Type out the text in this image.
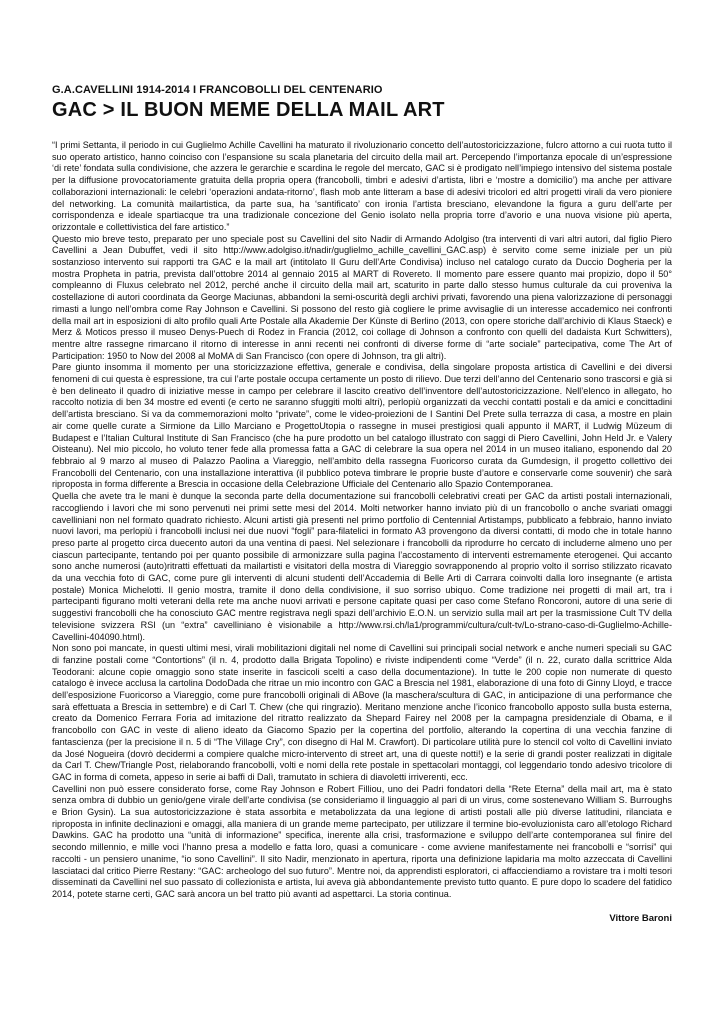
G.A.CAVELLINI 1914-2014 I FRANCOBOLLI DEL CENTENARIO
GAC > IL BUON MEME DELLA MAIL ART

“I primi Settanta, il periodo in cui Guglielmo Achille Cavellini ha maturato il rivoluzionario concetto dell’autostoricizzazione, fulcro attorno a cui ruota tutto il suo operato artistico, hanno coinciso con l’espansione su scala planetaria del circuito della mail art. Percependo l’importanza epocale di un’espressione ‘di rete’ fondata sulla condivisione, che azzera le gerarchie e scardina le regole del mercato, GAC si è prodigato nell’impiego intensivo del sistema postale per la diffusione provocatoriamente gratuita della propria opera (francobolli, timbri e adesivi d’artista, libri e ‘mostre a domicilio’) ma anche per attivare collaborazioni internazionali: le celebri ‘operazioni andata-ritorno’, flash mob ante litteram a base di adesivi tricolori ed altri progetti virali da vero pioniere del networking. La comunità mailartistica, da parte sua, ha ‘santificato’ con ironia l’artista bresciano, elevandone la figura a guru dell’arte per corrispondenza e ideale spartiacque tra una tradizionale concezione del Genio isolato nella propria torre d’avorio e una nuova visione più aperta, orizzontale e collettivistica del fare artistico.”

Questo mio breve testo, preparato per uno speciale post su Cavellini del sito Nadir di Armando Adolgiso (tra interventi di vari altri autori, dal figlio Piero Cavellini a Jean Dubuffet, vedi il sito http://www.adolgiso.it/nadir/guglielmo_achille_cavellini_GAC.asp) è servito come seme iniziale per un più sostanzioso intervento sui rapporti tra GAC e la mail art (intitolato Il Guru dell’Arte Condivisa) incluso nel catalogo curato da Duccio Dogheria per la mostra Propheta in patria, prevista dall’ottobre 2014 al gennaio 2015 al MART di Rovereto. Il momento pare essere quanto mai propizio, dopo il 50° compleanno di Fluxus celebrato nel 2012, perché anche il circuito della mail art, scaturito in parte dallo stesso humus culturale da cui proveniva la costellazione di autori coordinata da George Maciunas, abbandoni la semi-oscurità degli archivi privati, favorendo una piena valorizzazione di personaggi rimasti a lungo nell’ombra come Ray Johnson e Cavellini. Si possono del resto già cogliere le prime avvisaglie di un interesse accademico nei confronti della mail art in esposizioni di alto profilo quali Arte Postale alla Akademie Der Künste di Berlino (2013, con opere storiche dall’archivio di Klaus Staeck) e Merz & Moticos presso il museo Denys-Puech di Rodez in Francia (2012, coi collage di Johnson a confronto con quelli del dadaista Kurt Schwitters), mentre altre rassegne rimarcano il ritorno di interesse in anni recenti nei confronti di diverse forme di “arte sociale” partecipativa, come The Art of Participation: 1950 to Now del 2008 al MoMA di San Francisco (con opere di Johnson, tra gli altri).

Pare giunto insomma il momento per una storicizzazione effettiva, generale e condivisa, della singolare proposta artistica di Cavellini e dei diversi fenomeni di cui questa è espressione, tra cui l’arte postale occupa certamente un posto di rilievo. Due terzi dell’anno del Centenario sono trascorsi e già si è ben delineato il quadro di iniziative messe in campo per celebrare il lascito creativo dell’inventore dell’autostoricizzazione. Nell’elenco in allegato, ho raccolto notizia di ben 34 mostre ed eventi (e certo ne saranno sfuggiti molti altri), perlopiù organizzati da vecchi contatti postali e da amici e concittadini dell’artista bresciano. Si va da commemorazioni molto “private”, come le video-proiezioni de I Santini Del Prete sulla terrazza di casa, a mostre en plain air come quelle curate a Sirmione da Lillo Marciano e ProgettoUtopia o rassegne in musei prestigiosi quali appunto il MART, il Ludwig Müzeum di Budapest e l’Italian Cultural Institute di San Francisco (che ha pure prodotto un bel catalogo illustrato con saggi di Piero Cavellini, John Held Jr. e Valery Oisteanu). Nel mio piccolo, ho voluto tener fede alla promessa fatta a GAC di celebrare la sua opera nel 2014 in un museo italiano, esponendo dal 20 febbraio al 9 marzo al museo di Palazzo Paolina a Viareggio, nell’ambito della rassegna Fuoricorso curata da Gumdesign, il progetto collettivo dei Francobolli del Centenario, con una installazione interattiva (il pubblico poteva timbrare le proprie buste d’autore e conservarle come souvenir) che sarà riproposta in forma differente a Brescia in occasione della Celebrazione Ufficiale del Centenario allo Spazio Contemporanea.

Quella che avete tra le mani è dunque la seconda parte della documentazione sui francobolli celebrativi creati per GAC da artisti postali internazionali, raccogliendo i lavori che mi sono pervenuti nei primi sette mesi del 2014. Molti networker hanno inviato più di un francobollo o anche svariati omaggi cavelliniani non nel formato quadrato richiesto. Alcuni artisti già presenti nel primo portfolio di Centennial Artistamps, pubblicato a febbraio, hanno inviato nuovi lavori, ma perlopiù i francobolli inclusi nei due nuovi “fogli” para-filatelici in formato A3 provengono da diversi contatti, di modo che in totale hanno preso parte al progetto circa duecento autori da una ventina di paesi. Nel selezionare i francobolli da riprodurre ho cercato di includerne almeno uno per ciascun partecipante, tentando poi per quanto possibile di armonizzare sulla pagina l’accostamento di interventi estremamente eterogenei. Qui accanto sono anche numerosi (auto)ritratti effettuati da mailartisti e visitatori della mostra di Viareggio sovrapponendo al proprio volto il sorriso stilizzato ricavato da una vecchia foto di GAC, come pure gli interventi di alcuni studenti dell’Accademia di Belle Arti di Carrara coinvolti dalla loro insegnante (e artista postale) Monica Michelotti. Il genio mostra, tramite il dono della condivisione, il suo sorriso ubiquo. Come tradizione nei progetti di mail art, tra i partecipanti figurano molti veterani della rete ma anche nuovi arrivati e persone capitate quasi per caso come Stefano Roncoroni, autore di una serie di suggestivi francobolli che ha conosciuto GAC mentre registrava negli spazi dell’archivio E.O.N. un servizio sulla mail art per la trasmissione Cult TV della televisione svizzera RSI (un “extra” cavelliniano è visionabile a http://www.rsi.ch/la1/programmi/cultura/cult-tv/Lo-strano-caso-di-Guglielmo-Achille-Cavellini-404090.html).

Non sono poi mancate, in questi ultimi mesi, virali mobilitazioni digitali nel nome di Cavellini sui principali social network e anche numeri speciali su GAC di fanzine postali come “Contortions” (il n. 4, prodotto dalla Brigata Topolino) e riviste indipendenti come “Verde” (il n. 22, curato dalla scrittrice Alda Teodorani: alcune copie omaggio sono state inserite in fascicoli scelti a caso della documentazione). In tutte le 200 copie non numerate di questo catalogo è invece acclusa la cartolina DodoDada che ritrae un mio incontro con GAC a Brescia nel 1981, elaborazione di una foto di Ginny Lloyd, e tracce dell’esposizione Fuoricorso a Viareggio, come pure francobolli originali di ABove (la maschera/scultura di GAC, in anticipazione di una performance che sarà effettuata a Brescia in settembre) e di Carl T. Chew (che qui ringrazio). Meritano menzione anche l’iconico francobollo apposto sulla busta esterna, creato da Domenico Ferrara Foria ad imitazione del ritratto realizzato da Shepard Fairey nel 2008 per la campagna presidenziale di Obama, e il francobollo con GAC in veste di alieno ideato da Giacomo Spazio per la copertina del portfolio, alterando la copertina di una vecchia fanzine di fantascienza (per la precisione il n. 5 di “The Village Cry”, con disegno di Hal M. Crawfort). Di particolare utilità pure lo stencil col volto di Cavellini inviato da José Nogueira (dovrò decidermi a compiere qualche micro-intervento di street art, una di queste notti!) e la serie di grandi poster realizzati in digitale da Carl T. Chew/Triangle Post, rielaborando francobolli, volti e nomi della rete postale in spettacolari montaggi, col leggendario tondo adesivo tricolore di GAC in forma di cometa, appeso in serie ai baffi di Dalì, tramutato in schiera di diavoletti irriverenti, ecc.

Cavellini non può essere considerato forse, come Ray Johnson e Robert Filliou, uno dei Padri fondatori della “Rete Eterna” della mail art, ma è stato senza ombra di dubbio un genio/gene virale dell’arte condivisa (se consideriamo il linguaggio al pari di un virus, come sostenevano William S. Burroughs e Brion Gysin). La sua autostoricizzazione è stata assorbita e metabolizzata da una legione di artisti postali alle più diverse latitudini, rilanciata e riproposta in infinite declinazioni e omaggi, alla maniera di un grande meme partecipato, per utilizzare il termine bio-evoluzionista caro all’etologo Richard Dawkins. GAC ha prodotto una “unità di informazione” specifica, inerente alla crisi, trasformazione e sviluppo dell’arte contemporanea sul finire del secondo millennio, e mille voci l’hanno presa a modello e fatta loro, quasi a comunicare - come avviene manifestamente nei francobolli e “sorrisi” qui raccolti - un pensiero unanime, “io sono Cavellini”. Il sito Nadir, menzionato in apertura, riporta una definizione lapidaria ma molto azzeccata di Cavellini lasciataci dal critico Pierre Restany: “GAC: archeologo del suo futuro”. Mentre noi, da apprendisti esploratori, ci affacciendiamo a rovistare tra i molti tesori disseminati da Cavellini nel suo passato di collezionista e artista, lui aveva già abbondantemente previsto tutto quanto. E pure dopo lo scadere del fatidico 2014, potete starne certi, GAC sarà ancora un bel tratto più avanti ad aspettarci. La storia continua.

Vittore Baroni
